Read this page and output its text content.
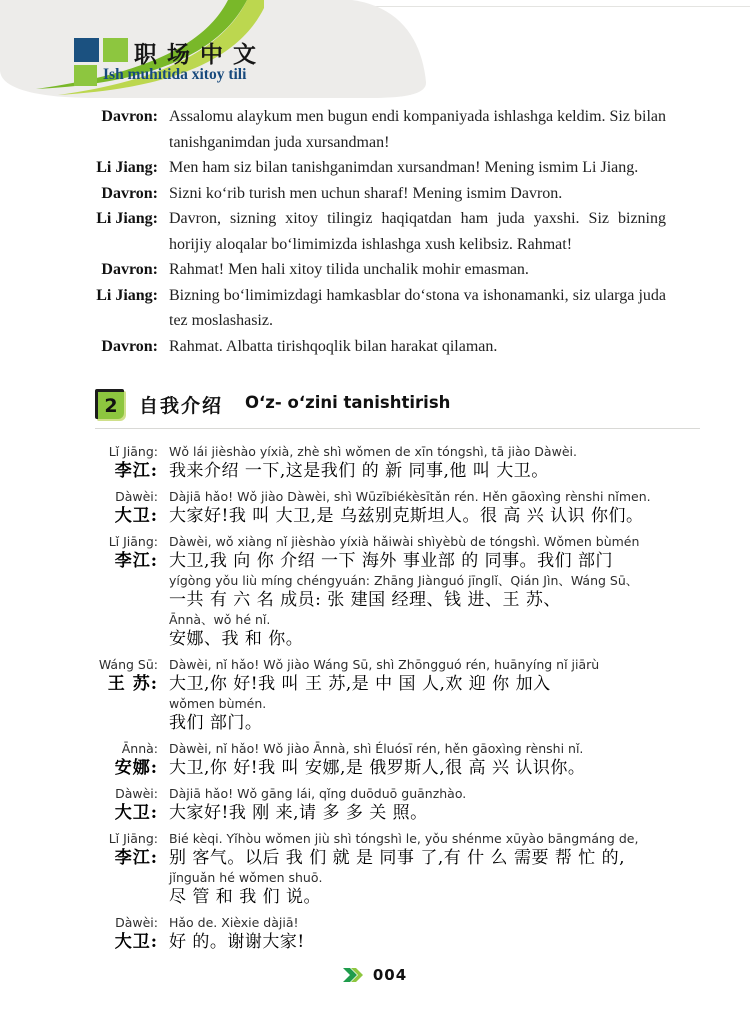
职场中文
Ish muhitida xitoy tili
Davron: Assalomu alaykum men bugun endi kompaniyada ishlashga keldim. Siz bilan tanishganimdan juda xursandman!
Li Jiang: Men ham siz bilan tanishganimdan xursandman! Mening ismim Li Jiang.
Davron: Sizni koʻrib turish men uchun sharaf! Mening ismim Davron.
Li Jiang: Davron, sizning xitoy tilingiz haqiqatdan ham juda yaxshi. Siz bizning horijiy aloqalar boʻlimimizda ishlashga xush kelibsiz. Rahmat!
Davron: Rahmat! Men hali xitoy tilida unchalik mohir emasman.
Li Jiang: Bizning boʻlimimizdagi hamkasblar doʻstona va ishonamanki, siz ularga juda tez moslashasiz.
Davron: Rahmat. Albatta tirishqoqlik bilan harakat qilaman.
2	自我介绍 Oʻz- oʻzini tanishtirish
Lǐ Jiāng: Wǒ lái jièshào yíxià, zhè shì wǒmen de xīn tóngshì, tā jiào Dàwèi.
李江: 我来介绍 一下,这是我们 的 新 同事,他 叫 大卫。
Dàwèi: Dàjiā hǎo! Wǒ jiào Dàwèi, shì Wūzībiékèsītǎn rén. Hěn gāoxìng rènshi nǐmen.
大卫: 大家好!我 叫 大卫,是 乌兹别克斯坦人。很 高 兴 认识 你们。
Lǐ Jiāng: Dàwèi, wǒ xiàng nǐ jièshào yíxià hǎiwài shìyèbù de tóngshì. Wǒmen bùmén
李江: 大卫,我 向 你 介绍 一下 海外 事业部 的 同事。我们 部门
yígòng yǒu liù míng chéngyuán: Zhāng Jiànguó jīnglǐ、Qián Jìn、Wáng Sū、
一共 有 六 名 成员: 张 建国 经理、钱 进、王 苏、
Ānnà、wǒ hé nǐ.
安娜、我 和 你。
Wáng Sū: Dàwèi, nǐ hǎo! Wǒ jiào Wáng Sū, shì Zhōngguó rén, huānyíng nǐ jiārù
王 苏: 大卫,你 好!我 叫 王 苏,是 中 国 人,欢 迎 你 加入
wǒmen bùmén.
我们 部门。
Ānnà: Dàwèi, nǐ hǎo! Wǒ jiào Ānnà, shì Éluósī rén, hěn gāoxìng rènshi nǐ.
安娜: 大卫,你 好!我 叫 安娜,是 俄罗斯人,很 高 兴 认识你。
Dàwèi: Dàjiā hǎo! Wǒ gāng lái, qǐng duōduō guānzhào.
大卫: 大家好!我 刚 来,请 多 多 关 照。
Lǐ Jiāng: Bié kèqi. Yǐhòu wǒmen jiù shì tóngshì le, yǒu shénme xūyào bāngmáng de,
李江: 别 客气。以后 我 们 就 是 同事 了,有 什 么 需要 帮 忙 的,
jǐnguǎn hé wǒmen shuō.
尽 管 和 我 们 说。
Dàwèi: Hǎo de. Xièxie dàjiā!
大卫: 好 的。谢谢大家!
004
